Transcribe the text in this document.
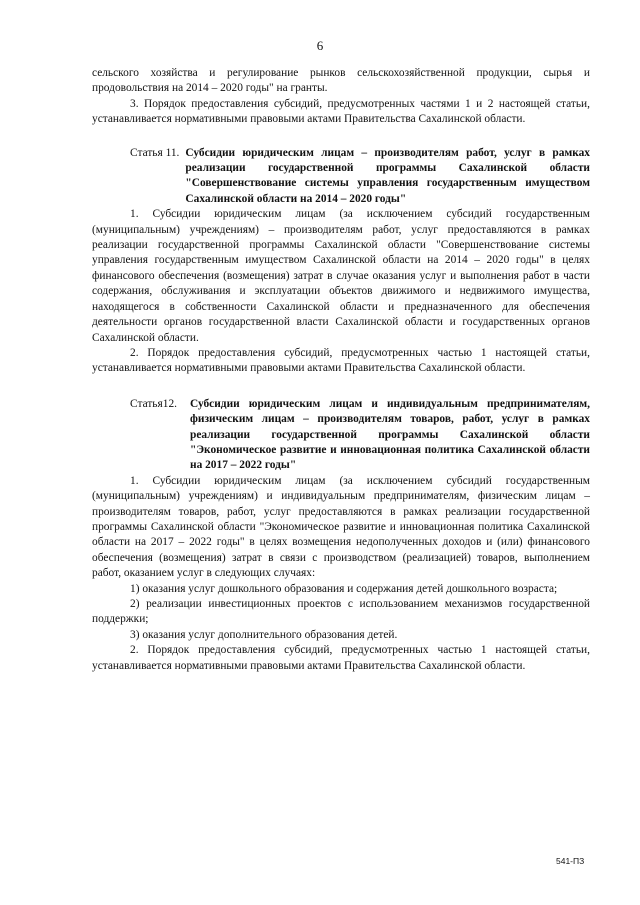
6

сельского хозяйства и регулирование рынков сельскохозяйственной продукции, сырья и продовольствия на 2014 – 2020 годы" на гранты.

3. Порядок предоставления субсидий, предусмотренных частями 1 и 2 настоящей статьи, устанавливается нормативными правовыми актами Правительства Сахалинской области.

Статья 11. Субсидии юридическим лицам – производителям работ, услуг в рамках реализации государственной программы Сахалинской области "Совершенствование системы управления государственным имуществом Сахалинской области на 2014 – 2020 годы"

1. Субсидии юридическим лицам (за исключением субсидий государственным (муниципальным) учреждениям) – производителям работ, услуг предоставляются в рамках реализации государственной программы Сахалинской области "Совершенствование системы управления государственным имуществом Сахалинской области на 2014 – 2020 годы" в целях финансового обеспечения (возмещения) затрат в случае оказания услуг и выполнения работ в части содержания, обслуживания и эксплуатации объектов движимого и недвижимого имущества, находящегося в собственности Сахалинской области и предназначенного для обеспечения деятельности органов государственной власти Сахалинской области и государственных органов Сахалинской области.

2. Порядок предоставления субсидий, предусмотренных частью 1 настоящей статьи, устанавливается нормативными правовыми актами Правительства Сахалинской области.

Статья 12. Субсидии юридическим лицам и индивидуальным предпринимателям, физическим лицам – производителям товаров, работ, услуг в рамках реализации государственной программы Сахалинской области "Экономическое развитие и инновационная политика Сахалинской области на 2017 – 2022 годы"

1. Субсидии юридическим лицам (за исключением субсидий государственным (муниципальным) учреждениям) и индивидуальным предпринимателям, физическим лицам – производителям товаров, работ, услуг предоставляются в рамках реализации государственной программы Сахалинской области "Экономическое развитие и инновационная политика Сахалинской области на 2017 – 2022 годы" в целях возмещения недополученных доходов и (или) финансового обеспечения (возмещения) затрат в связи с производством (реализацией) товаров, выполнением работ, оказанием услуг в следующих случаях:

1) оказания услуг дошкольного образования и содержания детей дошкольного возраста;

2) реализации инвестиционных проектов с использованием механизмов государственной поддержки;

3) оказания услуг дополнительного образования детей.

2. Порядок предоставления субсидий, предусмотренных частью 1 настоящей статьи, устанавливается нормативными правовыми актами Правительства Сахалинской области.

541-ПЗ
